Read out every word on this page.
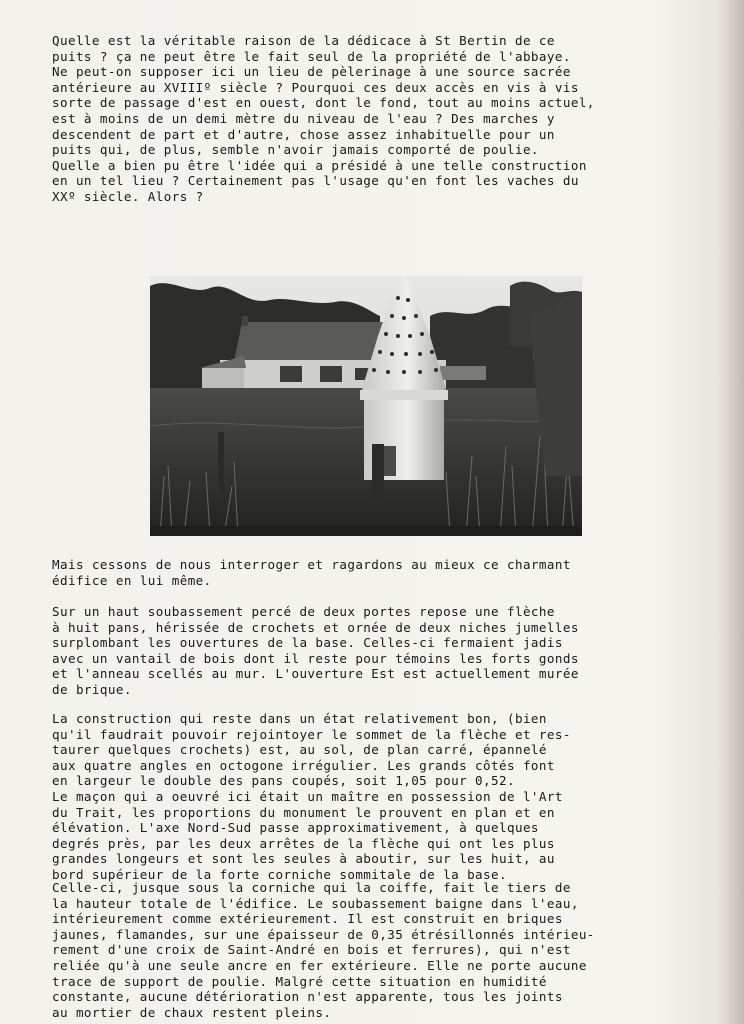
Quelle est la véritable raison de la dédicace à St Bertin de ce
puits ? ça ne peut être le fait seul de la propriété de l'abbaye.
Ne peut-on supposer ici un lieu de pèlerinage à une source sacrée
antérieure au XVIIIº siècle ? Pourquoi ces deux accès en vis à vis
sorte de passage d'est en ouest, dont le fond, tout au moins actuel,
est à moins de un demi mètre du niveau de l'eau ? Des marches y
descendent de part et d'autre, chose assez inhabituelle pour un
puits qui, de plus, semble n'avoir jamais comporté de poulie.
Quelle a bien pu être l'idée qui a présidé à une telle construction
en un tel lieu ? Certainement pas l'usage qu'en font les vaches du
XXº siècle. Alors ?
Mais cessons de nous interroger et ragardons au mieux ce charmant
édifice en lui même.
Sur un haut soubassement percé de deux portes repose une flèche
à huit pans, hérissée de crochets et ornée de deux niches jumelles
surplombant les ouvertures de la base. Celles-ci fermaient jadis
avec un vantail de bois dont il reste pour témoins les forts gonds
et l'anneau scellés au mur. L'ouverture Est est actuellement murée
de brique.
La construction qui reste dans un état relativement bon, (bien
qu'il faudrait pouvoir rejointoyer le sommet de la flèche et res-
taurer quelques crochets) est, au sol, de plan carré, épannelé
aux quatre angles en octogone irrégulier. Les grands côtés font
en largeur le double des pans coupés, soit 1,05 pour 0,52.
Le maçon qui a oeuvré ici était un maître en possession de l'Art
du Trait, les proportions du monument le prouvent en plan et en
élévation. L'axe Nord-Sud passe approximativement, à quelques
degrés près, par les deux arrêtes de la flèche qui ont les plus
grandes longeurs et sont les seules à aboutir, sur les huit, au
bord supérieur de la forte corniche sommitale de la base.
Celle-ci, jusque sous la corniche qui la coiffe, fait le tiers de
la hauteur totale de l'édifice. Le soubassement baigne dans l'eau,
intérieurement comme extérieurement. Il est construit en briques
jaunes, flamandes, sur une épaisseur de 0,35 étrésillonnés intérieu-
rement d'une croix de Saint-André en bois et ferrures), qui n'est
reliée qu'à une seule ancre en fer extérieure. Elle ne porte aucune
trace de support de poulie. Malgré cette situation en humidité
constante, aucune détérioration n'est apparente, tous les joints
au mortier de chaux restent pleins.
